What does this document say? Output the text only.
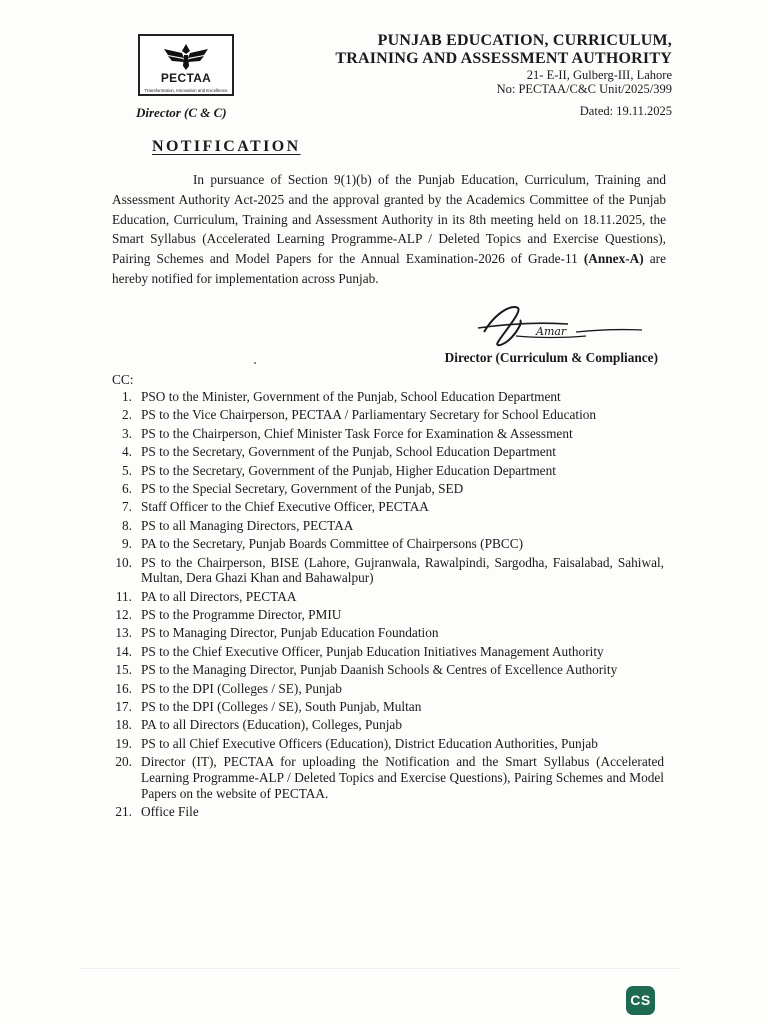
PECTAA
Transformation, Innovation and Excellence
Director (C & C)
PUNJAB EDUCATION, CURRICULUM,
TRAINING AND ASSESSMENT AUTHORITY
21- E-II, Gulberg-III, Lahore
No: PECTAA/C&C Unit/2025/399
Dated: 19.11.2025
NOTIFICATION
In pursuance of Section 9(1)(b) of the Punjab Education, Curriculum, Training and Assessment Authority Act-2025 and the approval granted by the Academics Committee of the Punjab Education, Curriculum, Training and Assessment Authority in its 8th meeting held on 18.11.2025, the Smart Syllabus (Accelerated Learning Programme-ALP / Deleted Topics and Exercise Questions), Pairing Schemes and Model Papers for the Annual Examination-2026 of Grade-11 (Annex-A) are hereby notified for implementation across Punjab.
Amar
Director (Curriculum & Compliance)
CC:
1. PSO to the Minister, Government of the Punjab, School Education Department
2. PS to the Vice Chairperson, PECTAA / Parliamentary Secretary for School Education
3. PS to the Chairperson, Chief Minister Task Force for Examination & Assessment
4. PS to the Secretary, Government of the Punjab, School Education Department
5. PS to the Secretary, Government of the Punjab, Higher Education Department
6. PS to the Special Secretary, Government of the Punjab, SED
7. Staff Officer to the Chief Executive Officer, PECTAA
8. PS to all Managing Directors, PECTAA
9. PA to the Secretary, Punjab Boards Committee of Chairpersons (PBCC)
10. PS to the Chairperson, BISE (Lahore, Gujranwala, Rawalpindi, Sargodha, Faisalabad, Sahiwal, Multan, Dera Ghazi Khan and Bahawalpur)
11. PA to all Directors, PECTAA
12. PS to the Programme Director, PMIU
13. PS to Managing Director, Punjab Education Foundation
14. PS to the Chief Executive Officer, Punjab Education Initiatives Management Authority
15. PS to the Managing Director, Punjab Daanish Schools & Centres of Excellence Authority
16. PS to the DPI (Colleges / SE), Punjab
17. PS to the DPI (Colleges / SE), South Punjab, Multan
18. PA to all Directors (Education), Colleges, Punjab
19. PS to all Chief Executive Officers (Education), District Education Authorities, Punjab
20. Director (IT), PECTAA for uploading the Notification and the Smart Syllabus (Accelerated Learning Programme-ALP / Deleted Topics and Exercise Questions), Pairing Schemes and Model Papers on the website of PECTAA.
21. Office File
CS
